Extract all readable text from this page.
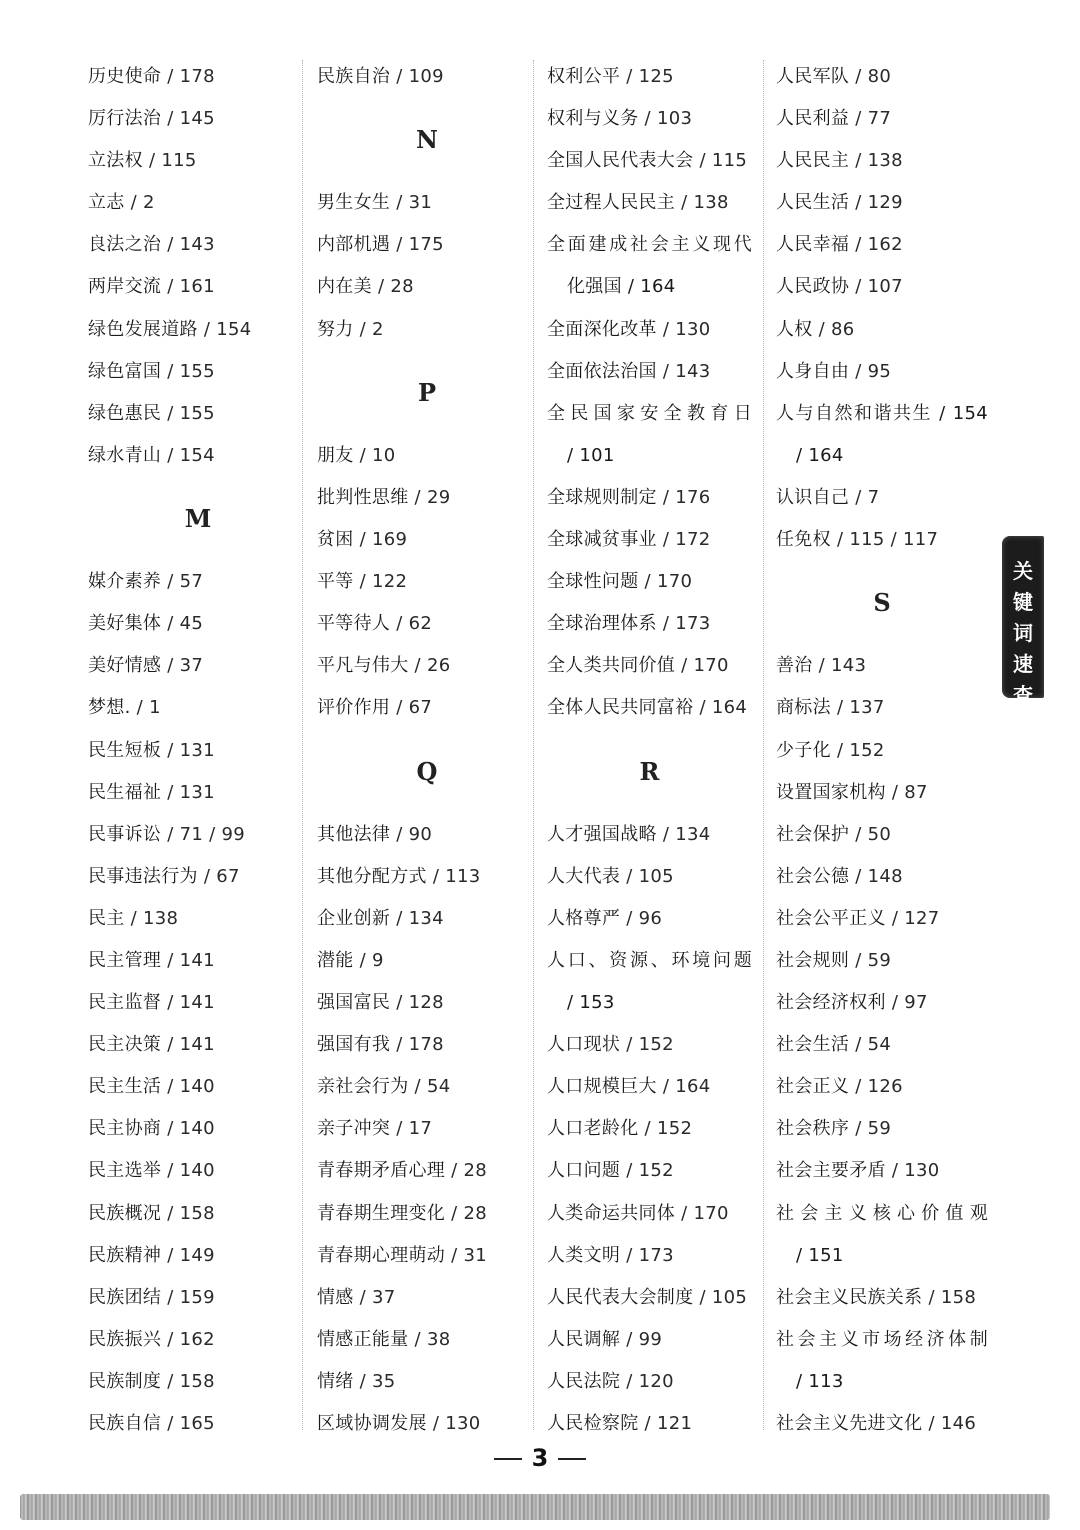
历史使命 / 178
厉行法治 / 145
立法权 / 115
立志 / 2
良法之治 / 143
两岸交流 / 161
绿色发展道路 / 154
绿色富国 / 155
绿色惠民 / 155
绿水青山 / 154
M
媒介素养 / 57
美好集体 / 45
美好情感 / 37
梦想. / 1
民生短板 / 131
民生福祉 / 131
民事诉讼 / 71 / 99
民事违法行为 / 67
民主 / 138
民主管理 / 141
民主监督 / 141
民主决策 / 141
民主生活 / 140
民主协商 / 140
民主选举 / 140
民族概况 / 158
民族精神 / 149
民族团结 / 159
民族振兴 / 162
民族制度 / 158
民族自信 / 165
民族自治 / 109
N
男生女生 / 31
内部机遇 / 175
内在美 / 28
努力 / 2
P
朋友 / 10
批判性思维 / 29
贫困 / 169
平等 / 122
平等待人 / 62
平凡与伟大 / 26
评价作用 / 67
Q
其他法律 / 90
其他分配方式 / 113
企业创新 / 134
潜能 / 9
强国富民 / 128
强国有我 / 178
亲社会行为 / 54
亲子冲突 / 17
青春期矛盾心理 / 28
青春期生理变化 / 28
青春期心理萌动 / 31
情感 / 37
情感正能量 / 38
情绪 / 35
区域协调发展 / 130
权利公平 / 125
权利与义务 / 103
全国人民代表大会 / 115
全过程人民民主 / 138
全面建成社会主义现代
化强国 / 164
全面深化改革 / 130
全面依法治国 / 143
全民国家安全教育日
/ 101
全球规则制定 / 176
全球减贫事业 / 172
全球性问题 / 170
全球治理体系 / 173
全人类共同价值 / 170
全体人民共同富裕 / 164
R
人才强国战略 / 134
人大代表 / 105
人格尊严 / 96
人口、资源、环境问题
/ 153
人口现状 / 152
人口规模巨大 / 164
人口老龄化 / 152
人口问题 / 152
人类命运共同体 / 170
人类文明 / 173
人民代表大会制度 / 105
人民调解 / 99
人民法院 / 120
人民检察院 / 121
人民军队 / 80
人民利益 / 77
人民民主 / 138
人民生活 / 129
人民幸福 / 162
人民政协 / 107
人权 / 86
人身自由 / 95
人与自然和谐共生 / 154
/ 164
认识自己 / 7
任免权 / 115 / 117
S
善治 / 143
商标法 / 137
少子化 / 152
设置国家机构 / 87
社会保护 / 50
社会公德 / 148
社会公平正义 / 127
社会规则 / 59
社会经济权利 / 97
社会生活 / 54
社会正义 / 126
社会秩序 / 59
社会主要矛盾 / 130
社会主义核心价值观
/ 151
社会主义民族关系 / 158
社会主义市场经济体制
/ 113
社会主义先进文化 / 146
关
键
词
速
查
3
